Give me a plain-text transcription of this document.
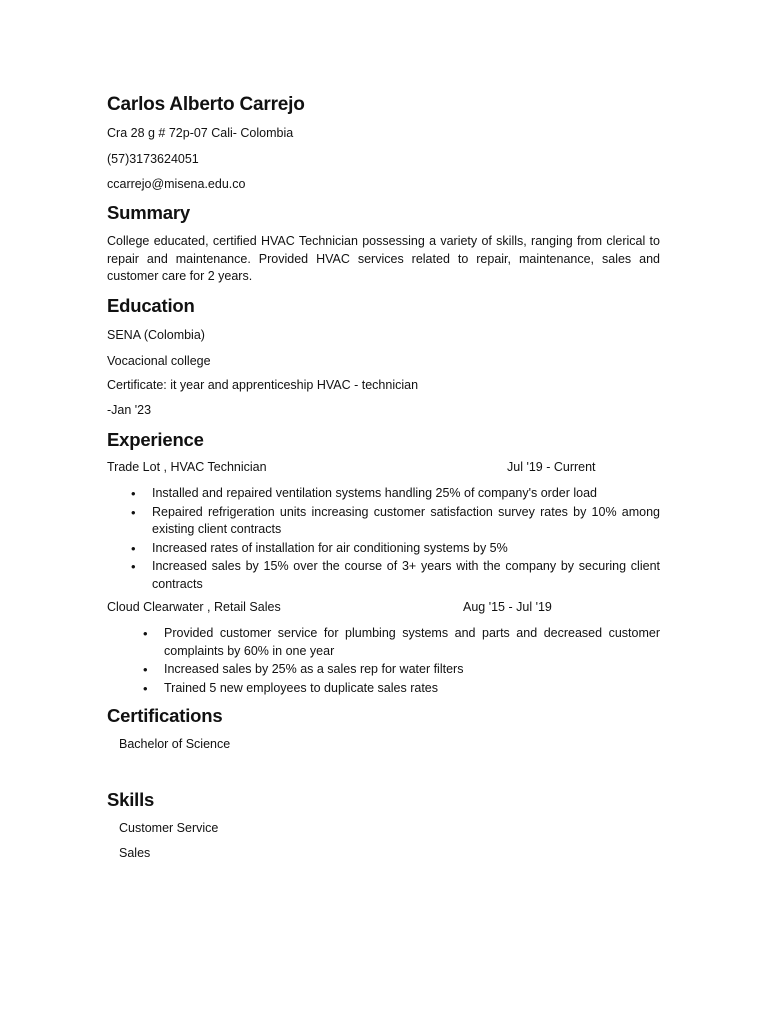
Carlos Alberto Carrejo
Cra 28 g # 72p-07 Cali- Colombia
(57)3173624051
ccarrejo@misena.edu.co
Summary
College educated, certified HVAC Technician possessing a variety of skills, ranging from clerical to repair and maintenance. Provided HVAC services related to repair, maintenance, sales and customer care for 2 years.
Education
SENA (Colombia)
Vocacional college
Certificate: it year and apprenticeship HVAC - technician
-Jan '23
Experience
Trade Lot , HVAC Technician	Jul '19 - Current
• Installed and repaired ventilation systems handling 25% of company's order load
• Repaired refrigeration units increasing customer satisfaction survey rates by 10% among existing client contracts
• Increased rates of installation for air conditioning systems by 5%
• Increased sales by 15% over the course of 3+ years with the company by securing client contracts
Cloud Clearwater , Retail Sales	Aug '15 - Jul '19
• Provided customer service for plumbing systems and parts and decreased customer complaints by 60% in one year
• Increased sales by 25% as a sales rep for water filters
• Trained 5 new employees to duplicate sales rates
Certifications
Bachelor of Science
Skills
Customer Service
Sales
